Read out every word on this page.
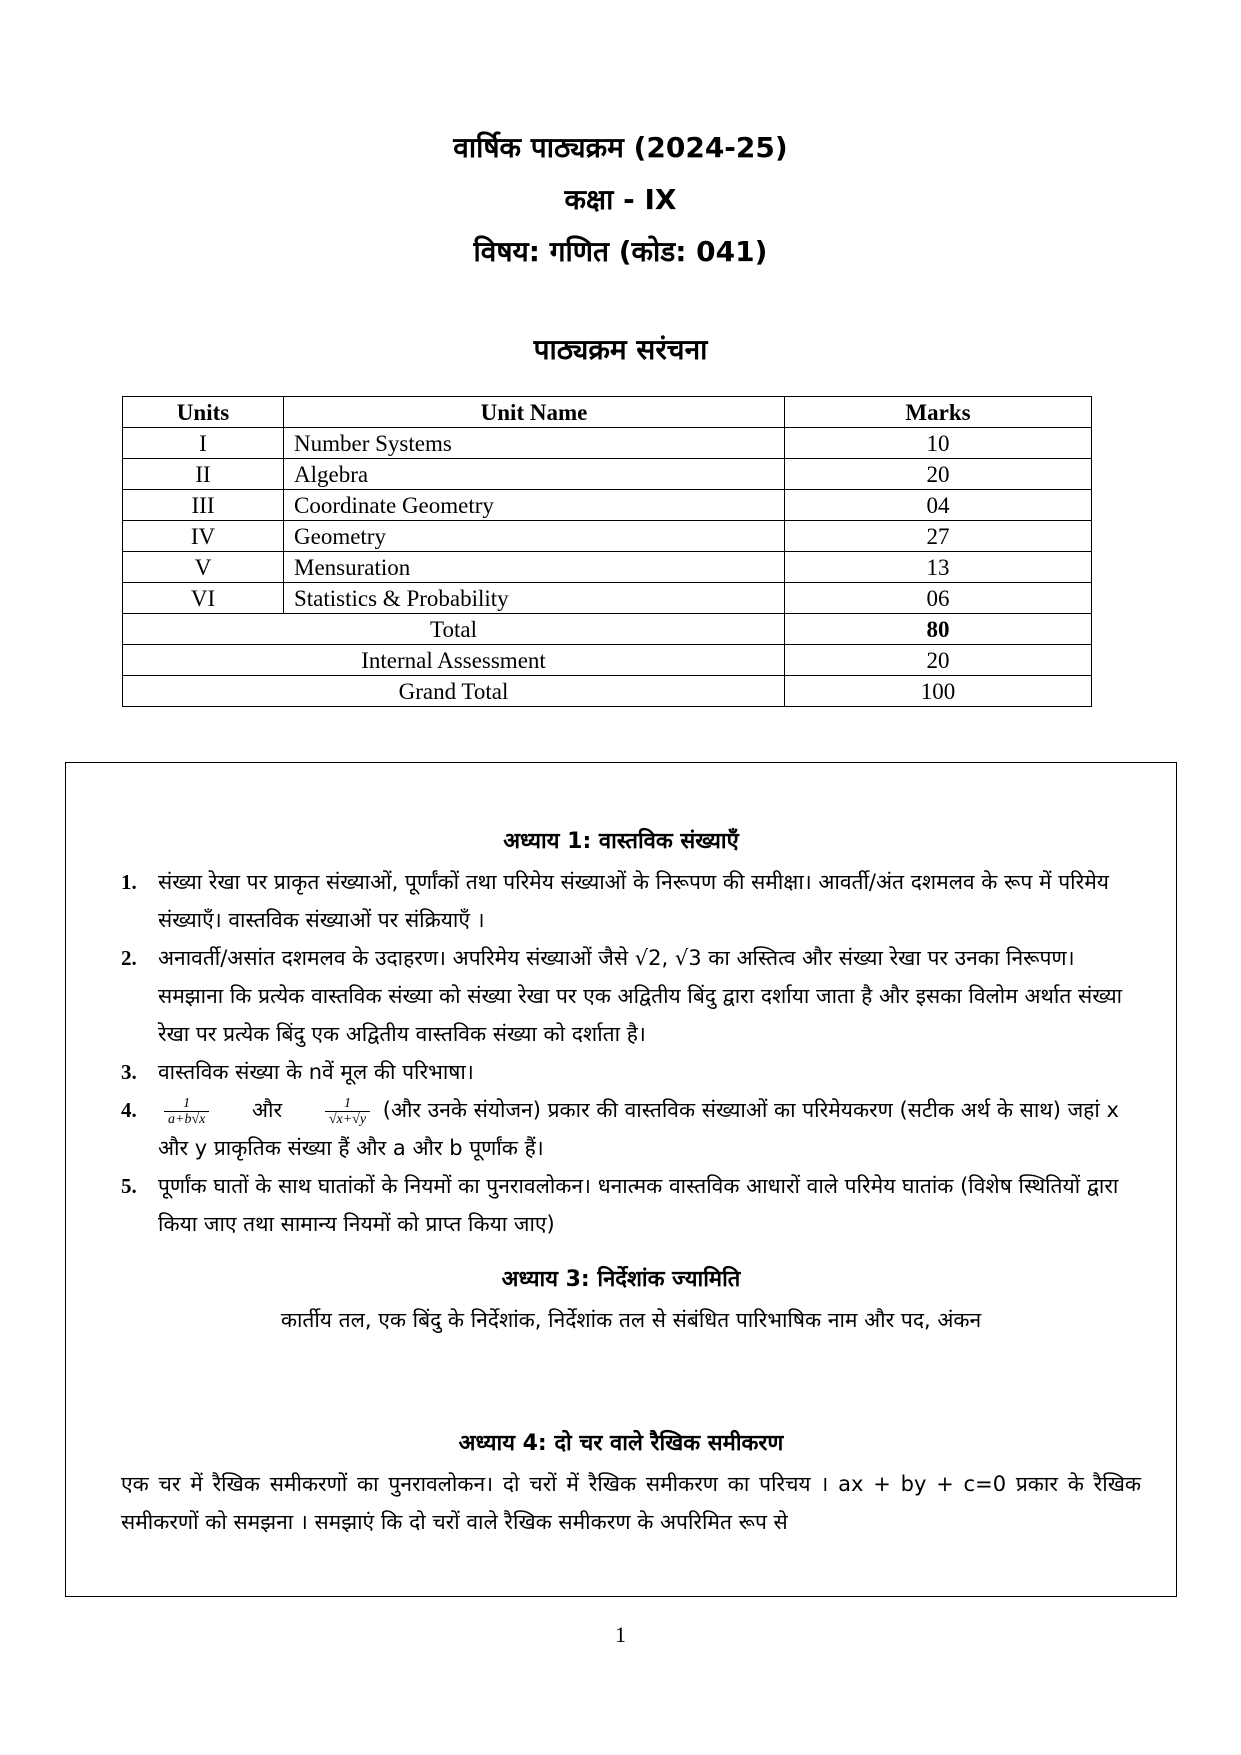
वार्षिक पाठ्यक्रम (2024-25)
कक्षा - IX
विषय: गणित (कोड: 041)
पाठ्यक्रम सरंचना
Units	Unit Name	Marks
I	Number Systems	10
II	Algebra	20
III	Coordinate Geometry	04
IV	Geometry	27
V	Mensuration	13
VI	Statistics & Probability	06
Total		80
Internal Assessment		20
Grand Total		100
अध्याय 1: वास्तविक संख्याएँ
1. संख्या रेखा पर प्राकृत संख्याओं, पूर्णांकों तथा परिमेय संख्याओं के निरूपण की समीक्षा। आवर्ती/अंत दशमलव के रूप में परिमेय संख्याएँ। वास्तविक संख्याओं पर संक्रियाएँ ।
2. अनावर्ती/असांत दशमलव के उदाहरण। अपरिमेय संख्याओं जैसे √2, √3 का अस्तित्व और संख्या रेखा पर उनका निरूपण। समझाना कि प्रत्येक वास्तविक संख्या को संख्या रेखा पर एक अद्वितीय बिंदु द्वारा दर्शाया जाता है और इसका विलोम अर्थात संख्या रेखा पर प्रत्येक बिंदु एक अद्वितीय वास्तविक संख्या को दर्शाता है।
3. वास्तविक संख्या के nवें मूल की परिभाषा।
4. $\frac{1}{a+b√x}$ और	$\frac{1}{√x+√y}$ (और उनके संयोजन) प्रकार की वास्तविक संख्याओं का परिमेयकरण (सटीक अर्थ के साथ) जहां x और y प्राकृतिक संख्या हैं और a और b पूर्णांक हैं।
5. पूर्णांक घातों के साथ घातांकों के नियमों का पुनरावलोकन। धनात्मक वास्तविक आधारों वाले परिमेय घातांक (विशेष स्थितियों द्वारा किया जाए तथा सामान्य नियमों को प्राप्त किया जाए)
अध्याय 3: निर्देशांक ज्यामिति
कार्तीय तल, एक बिंदु के निर्देशांक, निर्देशांक तल से संबंधित पारिभाषिक नाम और पद, अंकन
अध्याय 4: दो चर वाले रैखिक समीकरण
एक चर में रैखिक समीकरणों का पुनरावलोकन। दो चरों में रैखिक समीकरण का परिचय । ax + by + c=0 प्रकार के रैखिक समीकरणों को समझना । समझाएं कि दो चरों वाले रैखिक समीकरण के अपरिमित रूप से
1
